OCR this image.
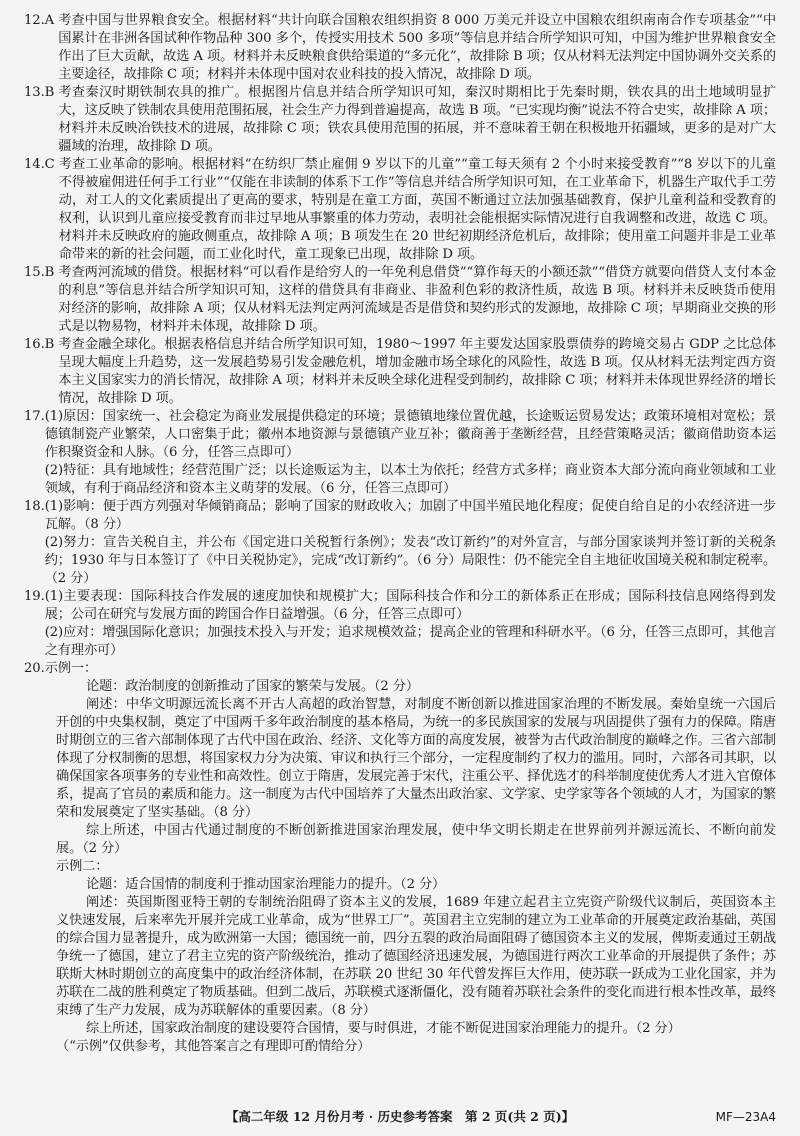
12.A
考查中国与世界粮食安全。根据材料“共计向联合国粮农组织捐资 8 000 万美元并设立中国粮农组织南南合作专项基金”“中国累计在非洲各国试种作物品种 300 多个，传授实用技术 500 多项”等信息并结合所学知识可知，中国为维护世界粮食安全作出了巨大贡献，故选 A 项。材料并未反映粮食供给渠道的“多元化”，故排除 B 项；仅从材料无法判定中国协调外交关系的主要途径，故排除 C 项；材料并未体现中国对农业科技的投入情况，故排除 D 项。

13.B
考查秦汉时期铁制农具的推广。根据图片信息并结合所学知识可知，秦汉时期相比于先秦时期，铁农具的出土地域明显扩大，这反映了铁制农具使用范围拓展，社会生产力得到普遍提高，故选 B 项。“已实现均衡”说法不符合史实，故排除 A 项；材料并未反映冶铁技术的进展，故排除 C 项；铁农具使用范围的拓展，并不意味着王朝在积极地开拓疆域，更多的是对广大疆域的治理，故排除 D 项。

14.C
考查工业革命的影响。根据材料“在纺织厂禁止雇佣 9 岁以下的儿童”“童工每天须有 2 个小时来接受教育”“8 岁以下的儿童不得被雇佣进任何手工行业”“仅能在非读制的体系下工作”等信息并结合所学知识可知，在工业革命下，机器生产取代手工劳动，对工人的文化素质提出了更高的要求，特别是在童工方面，英国不断通过立法加强基础教育，保护儿童利益和受教育的权利，认识到儿童应接受教育而非过早地从事繁重的体力劳动，表明社会能根据实际情况进行自我调整和改进，故选 C 项。材料并未反映政府的施政侧重点，故排除 A 项；B 项发生在 20 世纪初期经济危机后，故排除；使用童工问题并非是工业革命带来的新的社会问题，而工业化时代，童工现象已出现，故排除 D 项。

15.B
考查两河流域的借贷。根据材料“可以看作是给穷人的一年免利息借贷”“算作每天的小额还款”“借贷方就要向借贷人支付本金的利息”等信息并结合所学知识可知，这样的借贷具有非商业、非盈利色彩的救济性质，故选 B 项。材料并未反映货币使用对经济的影响，故排除 A 项；仅从材料无法判定两河流域是否是借贷和契约形式的发源地，故排除 C 项；早期商业交换的形式是以物易物，材料并未体现，故排除 D 项。

16.B
考查金融全球化。根据表格信息并结合所学知识可知，1980～1997 年主要发达国家股票债券的跨境交易占 GDP 之比总体呈现大幅度上升趋势，这一发展趋势易引发金融危机，增加金融市场全球化的风险性，故选 B 项。仅从材料无法判定西方资本主义国家实力的消长情况，故排除 A 项；材料并未反映全球化进程受到制约，故排除 C 项；材料并未体现世界经济的增长情况，故排除 D 项。

17. (1)原因：国家统一、社会稳定为商业发展提供稳定的环境；景德镇地缘位置优越，长途贩运贸易发达；政策环境相对宽松；景德镇制瓷产业繁荣，人口密集于此；徽州本地资源与景德镇产业互补；徽商善于垄断经营，且经营策略灵活；徽商借助资本运作积聚资金和人脉。（6 分，任答三点即可）

(2)特征：具有地域性；经营范围广泛；以长途贩运为主，以本土为依托；经营方式多样；商业资本大部分流向商业领域和工业领域，有利于商品经济和资本主义萌芽的发展。（6 分，任答三点即可）

18. (1)影响：便于西方列强对华倾销商品；影响了国家的财政收入；加剧了中国半殖民地化程度；促使自给自足的小农经济进一步瓦解。（8 分）

(2)努力：宣告关税自主，并公布《国定进口关税暂行条例》；发表“改订新约”的对外宣言，与部分国家谈判并签订新的关税条约；1930 年与日本签订了《中日关税协定》，完成“改订新约”。（6 分）局限性：仍不能完全自主地征收国境关税和制定税率。（2 分）

19. (1)主要表现：国际科技合作发展的速度加快和规模扩大；国际科技合作和分工的新体系正在形成；国际科技信息网络得到发展；公司在研究与发展方面的跨国合作日益增强。（6 分，任答三点即可）

(2)应对：增强国际化意识；加强技术投入与开发；追求规模效益；提高企业的管理和科研水平。（6 分，任答三点即可，其他言之有理亦可）

20. 示例一：

论题：政治制度的创新推动了国家的繁荣与发展。（2 分）

阐述：中华文明源远流长离不开古人高超的政治智慧，对制度不断创新以推进国家治理的不断发展。秦始皇统一六国后开创的中央集权制，奠定了中国两千多年政治制度的基本格局，为统一的多民族国家的发展与巩固提供了强有力的保障。隋唐时期创立的三省六部制体现了古代中国在政治、经济、文化等方面的高度发展，被誉为古代政治制度的巅峰之作。三省六部制体现了分权制衡的思想，将国家权力分为决策、审议和执行三个部分，一定程度制约了权力的滥用。同时，六部各司其职，以确保国家各项事务的专业性和高效性。创立于隋唐，发展完善于宋代，注重公平、择优选才的科举制度使优秀人才进入官僚体系，提高了官员的素质和能力。这一制度为古代中国培养了大量杰出政治家、文学家、史学家等各个领域的人才，为国家的繁荣和发展奠定了坚实基础。（8 分）

综上所述，中国古代通过制度的不断创新推进国家治理发展，使中华文明长期走在世界前列并源远流长、不断向前发展。（2 分）

示例二：

论题：适合国情的制度利于推动国家治理能力的提升。（2 分）

阐述：英国斯图亚特王朝的专制统治阻碍了资本主义的发展，1689 年建立起君主立宪资产阶级代议制后，英国资本主义快速发展，后来率先开展并完成工业革命，成为“世界工厂”。英国君主立宪制的建立为工业革命的开展奠定政治基础，英国的综合国力显著提升，成为欧洲第一大国；德国统一前，四分五裂的政治局面阻碍了德国资本主义的发展，俾斯麦通过王朝战争统一了德国，建立了君主立宪的资产阶级统治，推动了德国经济迅速发展，为德国进行两次工业革命的开展提供了条件；苏联斯大林时期创立的高度集中的政治经济体制，在苏联 20 世纪 30 年代曾发挥巨大作用，使苏联一跃成为工业化国家，并为苏联在二战的胜利奠定了物质基础。但到二战后，苏联模式逐渐僵化，没有随着苏联社会条件的变化而进行根本性改革，最终束缚了生产力发展，成为苏联解体的重要因素。（8 分）

综上所述，国家政治制度的建设要符合国情，要与时俱进，才能不断促进国家治理能力的提升。（2 分）

（“示例”仅供参考，其他答案言之有理即可酌情给分）

【高二年级 12 月份月考 · 历史参考答案　第 2 页(共 2 页)】	MF—23A4
